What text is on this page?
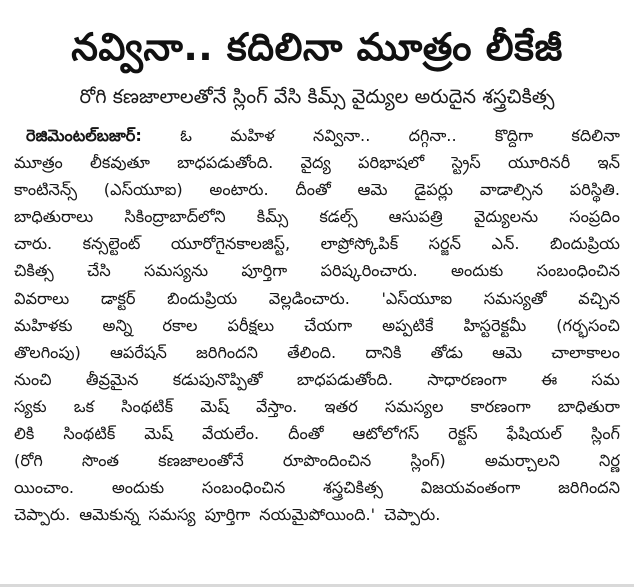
నవ్వినా.. కదిలినా మూత్రం లీకేజీ
రోగి కణజాలాలతోనే స్లింగ్ వేసి కిమ్స్ వైద్యుల అరుదైన శస్త్రచికిత్స
రెజిమెంటల్‌బజార్: ఓ మహిళ నవ్వినా.. దగ్గినా.. కొద్దిగా కదిలినా
మూత్రం లీకవుతూ బాధపడుతోంది. వైద్య పరిభాషలో స్ట్రెస్ యూరినరీ ఇన్
కాంటినెన్స్ (ఎస్‌యూఐ) అంటారు. దీంతో ఆమె డైపర్లు వాడాల్సిన పరిస్థితి.
బాధితురాలు సికింద్రాబాద్‌లోని కిమ్స్ కడల్స్ ఆసుపత్రి వైద్యులను సంప్రదిం
చారు. కన్సల్టెంట్ యూరోగైనకాలజిస్ట్, లాప్రోస్కోపిక్ సర్జన్ ఎన్. బిందుప్రియ
చికిత్స చేసి సమస్యను పూర్తిగా పరిష్కరించారు. అందుకు సంబంధించిన
వివరాలు డాక్టర్ బిందుప్రియ వెల్లడించారు. 'ఎస్‌యూఐ సమస్యతో వచ్చిన
మహిళకు అన్ని రకాల పరీక్షలు చేయగా అప్పటికే హిస్టరెక్టమీ (గర్భసంచి
తొలగింపు) ఆపరేషన్ జరిగిందని తేలింది. దానికి తోడు ఆమె చాలాకాలం
నుంచి తీవ్రమైన కడుపునొప్పితో బాధపడుతోంది. సాధారణంగా ఈ సమ
స్యకు ఒక సింథటిక్ మెష్ వేస్తాం. ఇతర సమస్యల కారణంగా బాధితురా
లికి సింథటిక్ మెష్ వేయలేం. దీంతో ఆటోలోగస్ రెక్టస్ ఫేషియల్ స్లింగ్
(రోగి సొంత కణజాలంతోనే రూపొందించిన స్లింగ్) అమర్చాలని నిర్ణ
యించాం. అందుకు సంబంధించిన శస్త్రచికిత్స విజయవంతంగా జరిగిందని
చెప్పారు. ఆమెకున్న సమస్య పూర్తిగా నయమైపోయింది.' చెప్పారు.
